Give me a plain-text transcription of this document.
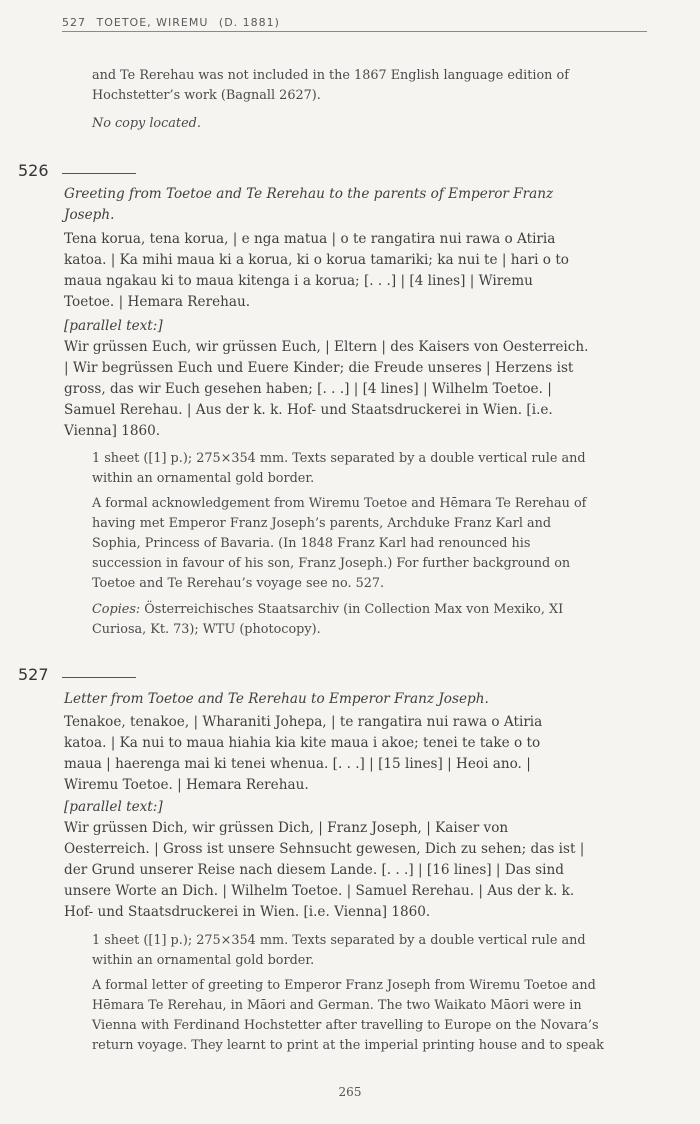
527 TOETOE, WIREMU (D. 1881)
and Te Rerehau was not included in the 1867 English language edition of
Hochstetter’s work (Bagnall 2627).
No copy located.
526
Greeting from Toetoe and Te Rerehau to the parents of Emperor Franz
Joseph.
Tena korua, tena korua, | e nga matua | o te rangatira nui rawa o Atiria
katoa. | Ka mihi maua ki a korua, ki o korua tamariki; ka nui te | hari o to
maua ngakau ki to maua kitenga i a korua; [. . .] | [4 lines] | Wiremu
Toetoe. | Hemara Rerehau.
[parallel text:]
Wir grüssen Euch, wir grüssen Euch, | Eltern | des Kaisers von Oesterreich.
| Wir begrüssen Euch und Euere Kinder; die Freude unseres | Herzens ist
gross, das wir Euch gesehen haben; [. . .] | [4 lines] | Wilhelm Toetoe. |
Samuel Rerehau. | Aus der k. k. Hof- und Staatsdruckerei in Wien. [i.e.
Vienna] 1860.
1 sheet ([1] p.); 275×354 mm. Texts separated by a double vertical rule and
within an ornamental gold border.
A formal acknowledgement from Wiremu Toetoe and Hēmara Te Rerehau of
having met Emperor Franz Joseph’s parents, Archduke Franz Karl and
Sophia, Princess of Bavaria. (In 1848 Franz Karl had renounced his
succession in favour of his son, Franz Joseph.) For further background on
Toetoe and Te Rerehau’s voyage see no. 527.
Copies: Österreichisches Staatsarchiv (in Collection Max von Mexiko, XI
Curiosa, Kt. 73); WTU (photocopy).
527
Letter from Toetoe and Te Rerehau to Emperor Franz Joseph.
Tenakoe, tenakoe, | Wharaniti Johepa, | te rangatira nui rawa o Atiria
katoa. | Ka nui to maua hiahia kia kite maua i akoe; tenei te take o to
maua | haerenga mai ki tenei whenua. [. . .] | [15 lines] | Heoi ano. |
Wiremu Toetoe. | Hemara Rerehau.
[parallel text:]
Wir grüssen Dich, wir grüssen Dich, | Franz Joseph, | Kaiser von
Oesterreich. | Gross ist unsere Sehnsucht gewesen, Dich zu sehen; das ist |
der Grund unserer Reise nach diesem Lande. [. . .] | [16 lines] | Das sind
unsere Worte an Dich. | Wilhelm Toetoe. | Samuel Rerehau. | Aus der k. k.
Hof- und Staatsdruckerei in Wien. [i.e. Vienna] 1860.
1 sheet ([1] p.); 275×354 mm. Texts separated by a double vertical rule and
within an ornamental gold border.
A formal letter of greeting to Emperor Franz Joseph from Wiremu Toetoe and
Hēmara Te Rerehau, in Māori and German. The two Waikato Māori were in
Vienna with Ferdinand Hochstetter after travelling to Europe on the Novara’s
return voyage. They learnt to print at the imperial printing house and to speak
265
